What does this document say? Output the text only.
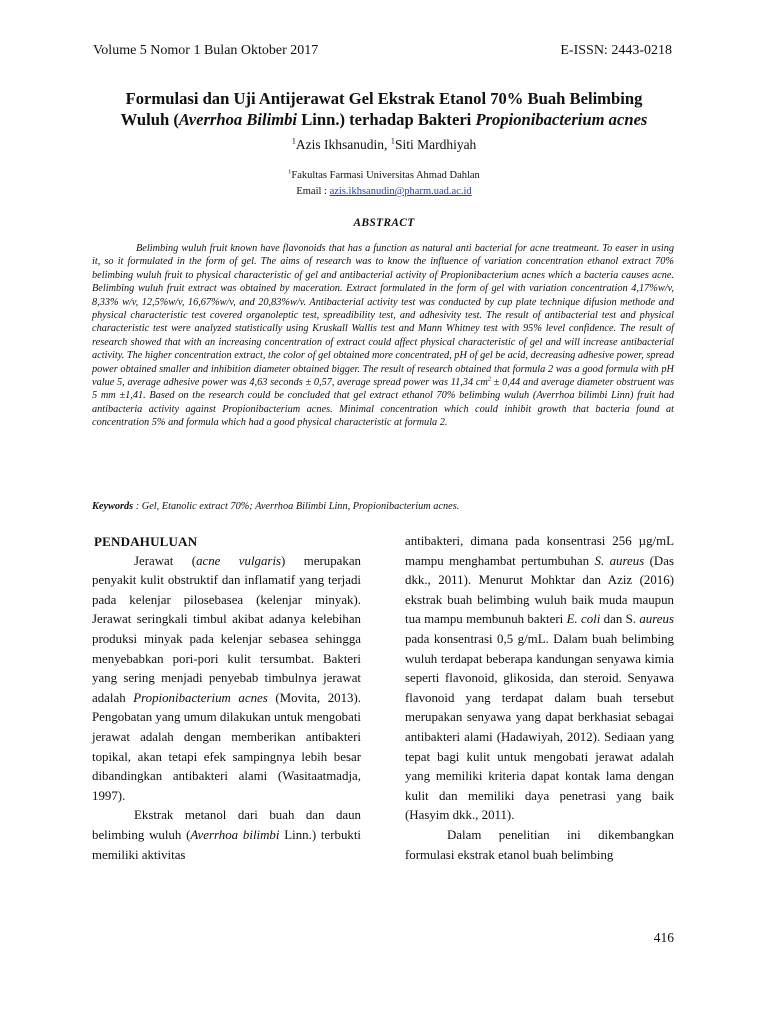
Volume 5 Nomor 1 Bulan Oktober 2017	E-ISSN: 2443-0218
Formulasi dan Uji Antijerawat Gel Ekstrak Etanol 70% Buah Belimbing
Wuluh (Averrhoa Bilimbi Linn.) terhadap Bakteri Propionibacterium acnes
$^1$Azis Ikhsanudin, $^1$Siti Mardhiyah
$^1$Fakultas Farmasi Universitas Ahmad Dahlan
Email : azis.ikhsanudin@pharm.uad.ac.id
ABSTRACT

Belimbing wuluh fruit known have flavonoids that has a function as natural anti bacterial for acne treatmeant. To easer in using it, so it formulated in the form of gel. The aims of research was to know the influence of variation concentration ethanol extract 70% belimbing wuluh fruit to physical characteristic of gel and antibacterial activity of Propionibacterium acnes which a bacteria causes acne. Belimbing wuluh fruit extract was obtained by maceration. Extract formulated in the form of gel with variation concentration 4,17%w/v, 8,33% w/v, 12,5%w/v, 16,67%w/v, and 20,83%w/v. Antibacterial activity test was conducted by cup plate technique difusion methode and physical characteristic test covered organoleptic test, spreadibility test, and adhesivity test. The result of antibacterial test and physical characteristic test were analyzed statistically using Kruskall Wallis test and Mann Whitney test with 95% level confidence. The result of research showed that with an increasing concentration of extract could affect physical characteristic of gel and will increase antibacterial activity. The higher concentration extract, the color of gel obtained more concentrated, pH of gel be acid, decreasing adhesive power, spread power obtained smaller and inhibition diameter obtained bigger. The result of research obtained that formula 2 was a good formula with pH value 5, average adhesive power was 4,63 seconds ± 0,57, average spread power was 11,34 $cm^2 \pm 0,44$ and average diameter obstruent was 5 mm ±1,41. Based on the research could be concluded that gel extract ethanol 70% belimbing wuluh (Averrhoa bilimbi Linn) fruit had antibacteria activity against Propionibacterium acnes. Minimal concentration which could inhibit growth that bacteria found at concentration 5% and formula which had a good physical characteristic at formula 2.

Keywords : Gel, Etanolic extract 70%; Averrhoa Bilimbi Linn, Propionibacterium acnes.

PENDAHULUAN

Jerawat (acne vulgaris) merupakan penyakit kulit obstruktif dan inflamatif yang terjadi pada kelenjar pilosebasea (kelenjar minyak). Jerawat seringkali timbul akibat adanya kelebihan produksi minyak pada kelenjar sebasea sehingga menyebabkan pori-pori kulit tersumbat. Bakteri yang sering menjadi penyebab timbulnya jerawat adalah Propionibacterium acnes (Movita, 2013). Pengobatan yang umum dilakukan untuk mengobati jerawat adalah dengan memberikan antibakteri topikal, akan tetapi efek sampingnya lebih besar dibandingkan antibakteri alami (Wasitaatmadja, 1997).

Ekstrak metanol dari buah dan daun belimbing wuluh (Averrhoa bilimbi Linn.) terbukti memiliki aktivitas

antibakteri, dimana pada konsentrasi 256 µg/mL mampu menghambat pertumbuhan S. aureus (Das dkk., 2011). Menurut Mohktar dan Aziz (2016) ekstrak buah belimbing wuluh baik muda maupun tua mampu membunuh bakteri E. coli dan S. aureus pada konsentrasi 0,5 g/mL. Dalam buah belimbing wuluh terdapat beberapa kandungan senyawa kimia seperti flavonoid, glikosida, dan steroid. Senyawa flavonoid yang terdapat dalam buah tersebut merupakan senyawa yang dapat berkhasiat sebagai antibakteri alami (Hadawiyah, 2012). Sediaan yang tepat bagi kulit untuk mengobati jerawat adalah yang memiliki kriteria dapat kontak lama dengan kulit dan memiliki daya penetrasi yang baik (Hasyim dkk., 2011).

Dalam penelitian ini dikembangkan formulasi ekstrak etanol buah belimbing

416
